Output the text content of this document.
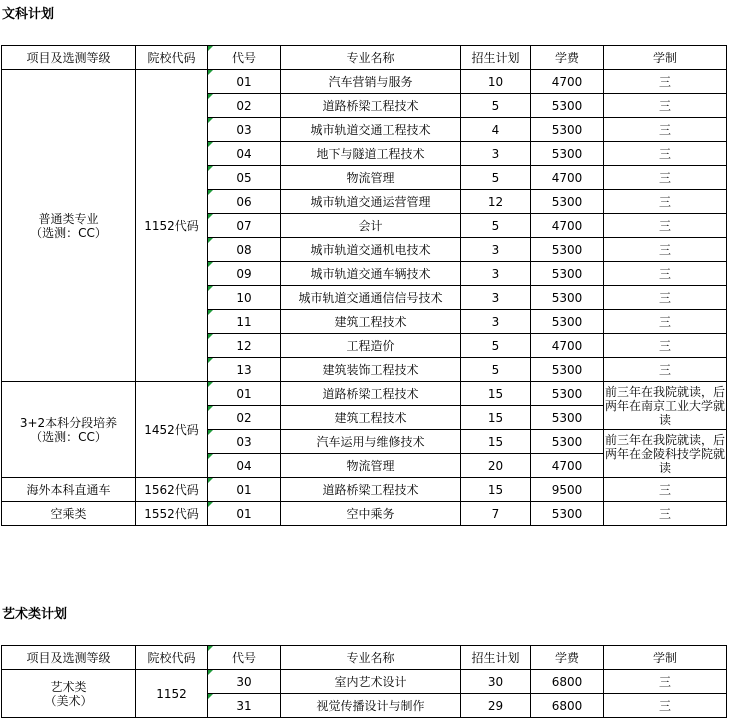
文科计划
项目及选测等级	院校代码	代号	专业名称	招生计划	学费	学制
普通类专业
（选测：CC）	1152代码	01	汽车营销与服务	10	4700	三
		02	道路桥梁工程技术	5	5300	三
		03	城市轨道交通工程技术	4	5300	三
		04	地下与隧道工程技术	3	5300	三
		05	物流管理	5	4700	三
		06	城市轨道交通运营管理	12	5300	三
		07	会计	5	4700	三
		08	城市轨道交通机电技术	3	5300	三
		09	城市轨道交通车辆技术	3	5300	三
		10	城市轨道交通通信信号技术	3	5300	三
		11	建筑工程技术	3	5300	三
		12	工程造价	5	4700	三
		13	建筑装饰工程技术	5	5300	三
3+2本科分段培养
（选测：CC）	1452代码	01	道路桥梁工程技术	15	5300	前三年在我院就读，后两年在南京工业大学就读
		02	建筑工程技术	15	5300	
		03	汽车运用与维修技术	15	5300	前三年在我院就读，后两年在金陵科技学院就读
		04	物流管理	20	4700	
海外本科直通车	1562代码	01	道路桥梁工程技术	15	9500	三
空乘类	1552代码	01	空中乘务	7	5300	三
艺术类计划
项目及选测等级	院校代码	代号	专业名称	招生计划	学费	学制
艺术类
（美术）	1152	30	室内艺术设计	30	6800	三
		31	视觉传播设计与制作	29	6800	三
